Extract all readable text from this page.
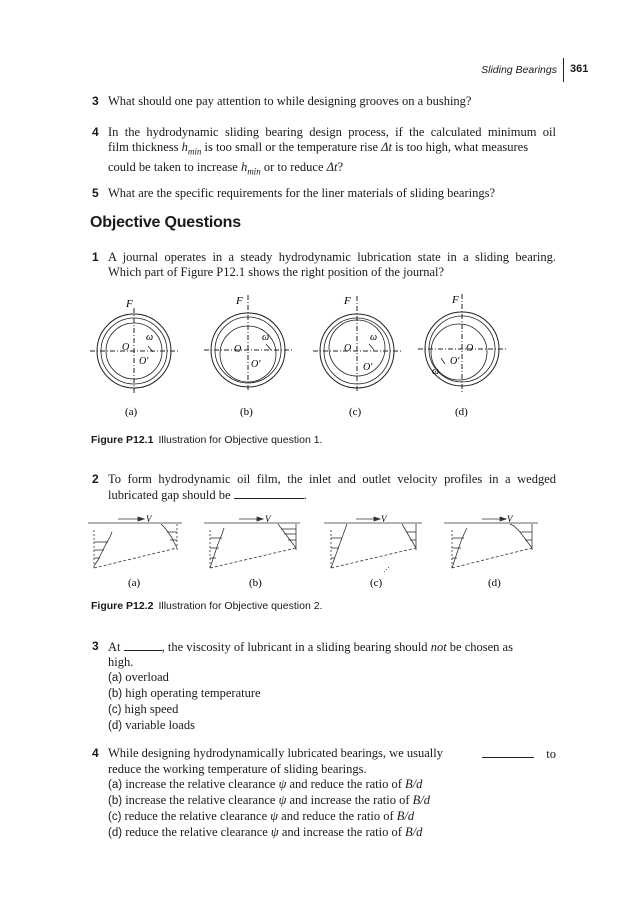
Sliding Bearings 361
3 What should one pay attention to while designing grooves on a bushing?
4 In the hydrodynamic sliding bearing design process, if the calculated minimum oil
film thickness $h_{min}$ is too small or the temperature rise Δt is too high, what measures
could be taken to increase $h_{min}$ or to reduce Δt?
5 What are the specific requirements for the liner materials of sliding bearings?
Objective Questions
1 A journal operates in a steady hydrodynamic lubrication state in a sliding bearing.
Which part of Figure P12.1 shows the right position of the journal?
F
ω
O
O′
(a)
F
ω
O
O′
(b)
F
ω
O
O′
(c)
F
ω
O
O′
(d)
Figure P12.1 Illustration for Objective question 1.
2 To form hydrodynamic oil film, the inlet and outlet velocity profiles in a wedged
lubricated gap should be	.
V
(a)
V
(b)
V
(c)
V
(d)
Figure P12.2 Illustration for Objective question 2.
3 At	, the viscosity of lubricant in a sliding bearing should not be chosen as
high.
(a) overload
(b) high operating temperature
(c) high speed
(d) variable loads
4 While designing hydrodynamically lubricated bearings, we usually	to
reduce the working temperature of sliding bearings.
(a) increase the relative clearance ψ and reduce the ratio of B/d
(b) increase the relative clearance ψ and increase the ratio of B/d
(c) reduce the relative clearance ψ and reduce the ratio of B/d
(d) reduce the relative clearance ψ and increase the ratio of B/d
